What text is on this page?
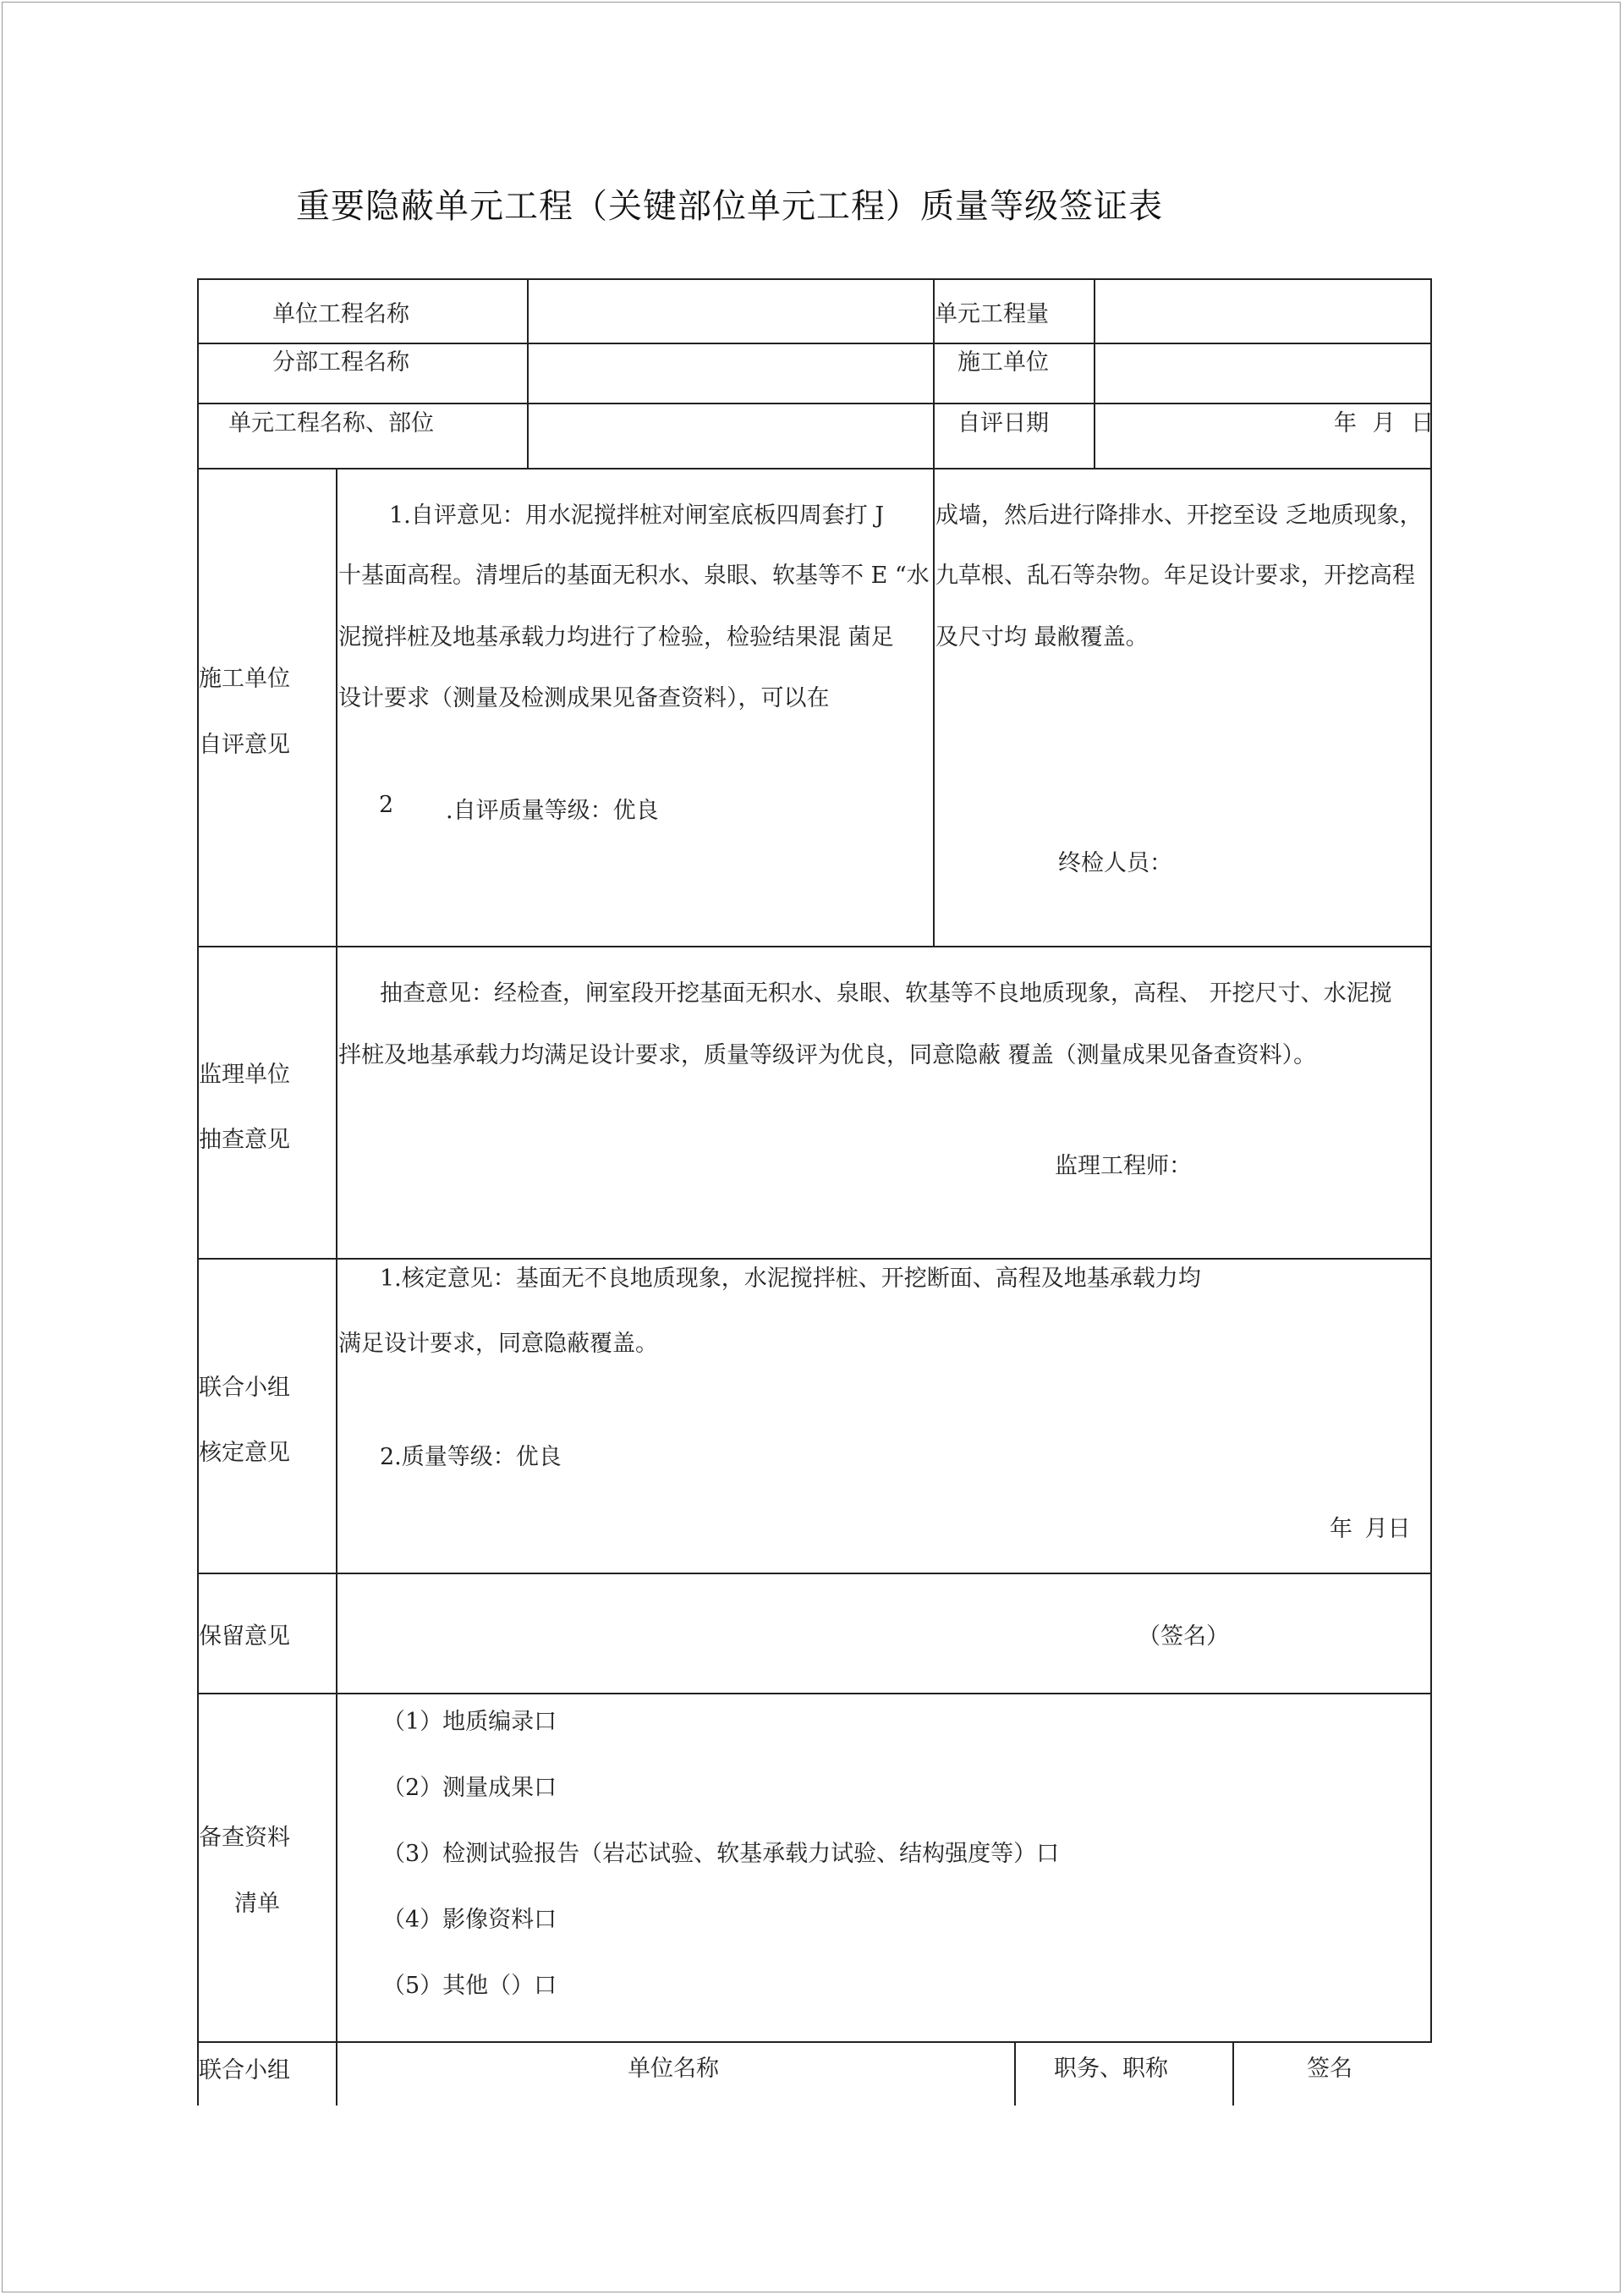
重要隐蔽单元工程（关键部位单元工程）质量等级签证表
单位工程名称	单元工程量
分部工程名称	施工单位
单元工程名称、部位	自评日期	年 月 日
施工单位
自评意见
1.自评意见：用水泥搅拌桩对闸室底板四周套打 J
十基面高程。清埋后的基面无积水、泉眼、软基等不 E “水
泥搅拌桩及地基承载力均进行了检验，检验结果混 菌足
设计要求（测量及检测成果见备查资料），可以在
成墙，然后进行降排水、开挖至设 乏地质现象，
九草根、乱石等杂物。年足设计要求，开挖高程
及尺寸均 最敝覆盖。
2 .自评质量等级：优良
终检人员：
监理单位
抽查意见
抽查意见：经检查，闸室段开挖基面无积水、泉眼、软基等不良地质现象，高程、 开挖尺寸、水泥搅
拌桩及地基承载力均满足设计要求，质量等级评为优良，同意隐蔽 覆盖（测量成果见备查资料）。
监理工程师：
联合小组
核定意见
1.核定意见：基面无不良地质现象，水泥搅拌桩、开挖断面、高程及地基承载力均
满足设计要求，同意隐蔽覆盖。
2.质量等级：优良
年 月日
保留意见	（签名）
备查资料
清单
（1）地质编录口
（2）测量成果口
（3）检测试验报告（岩芯试验、软基承载力试验、结构强度等）口
（4）影像资料口
（5）其他（）口
联合小组	单位名称	职务、职称	签名
